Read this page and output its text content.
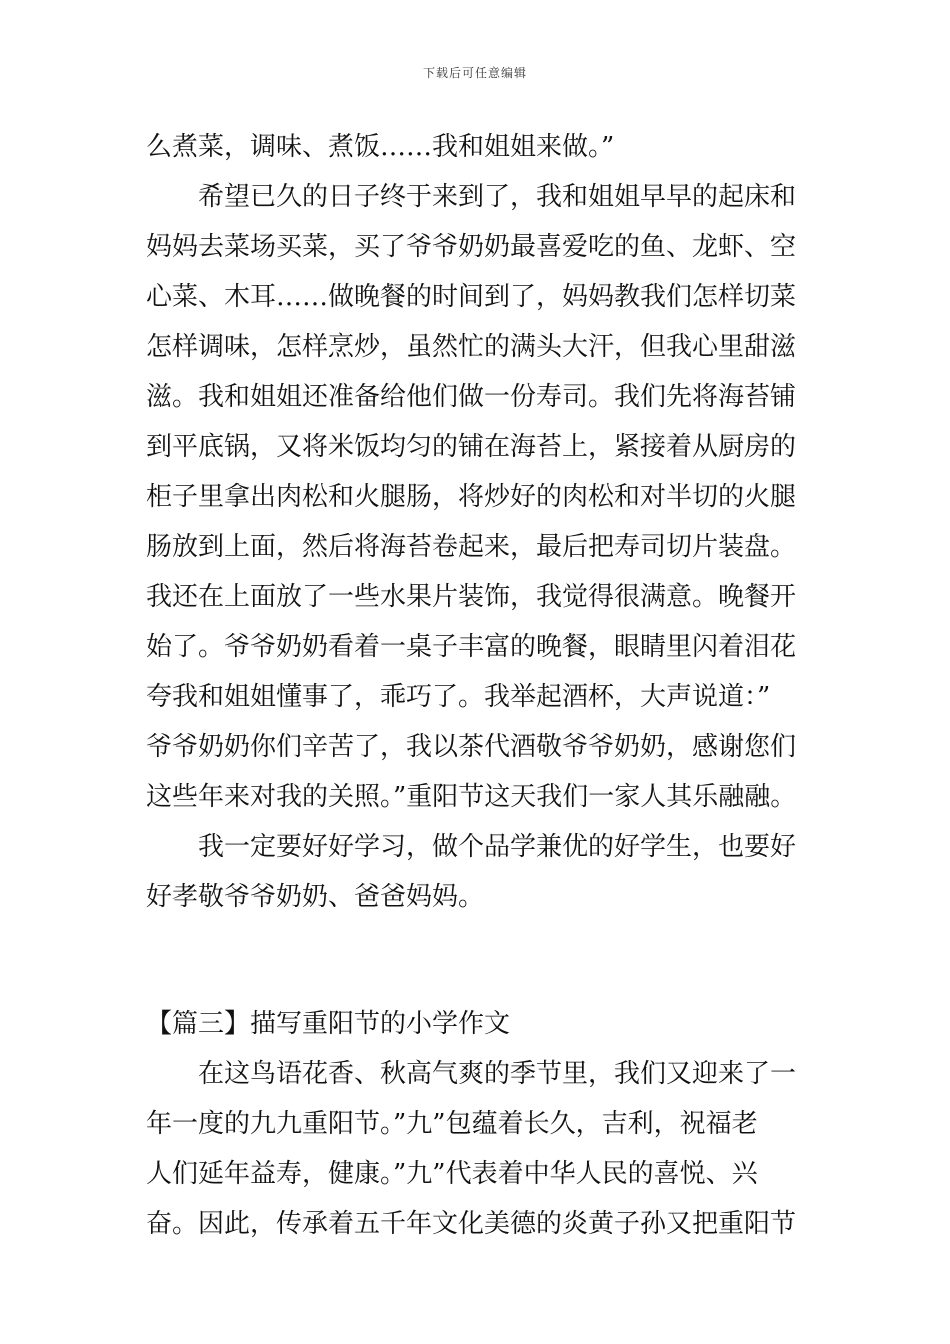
下载后可任意编辑
么煮菜，调味、煮饭……我和姐姐来做。”
希望已久的日子终于来到了，我和姐姐早早的起床和
妈妈去菜场买菜，买了爷爷奶奶最喜爱吃的鱼、龙虾、空
心菜、木耳……做晚餐的时间到了，妈妈教我们怎样切菜
怎样调味，怎样烹炒，虽然忙的满头大汗，但我心里甜滋
滋。我和姐姐还准备给他们做一份寿司。我们先将海苔铺
到平底锅，又将米饭均匀的铺在海苔上，紧接着从厨房的
柜子里拿出肉松和火腿肠，将炒好的肉松和对半切的火腿
肠放到上面，然后将海苔卷起来，最后把寿司切片装盘。
我还在上面放了一些水果片装饰，我觉得很满意。晚餐开
始了。爷爷奶奶看着一桌子丰富的晚餐，眼睛里闪着泪花
夸我和姐姐懂事了，乖巧了。我举起酒杯，大声说道：”
爷爷奶奶你们辛苦了，我以茶代酒敬爷爷奶奶，感谢您们
这些年来对我的关照。”重阳节这天我们一家人其乐融融。
我一定要好好学习，做个品学兼优的好学生，也要好
好孝敬爷爷奶奶、爸爸妈妈。
【篇三】描写重阳节的小学作文
在这鸟语花香、秋高气爽的季节里，我们又迎来了一
年一度的九九重阳节。”九”包蕴着长久，吉利，祝福老
人们延年益寿，健康。”九”代表着中华人民的喜悦、兴
奋。因此，传承着五千年文化美德的炎黄子孙又把重阳节
